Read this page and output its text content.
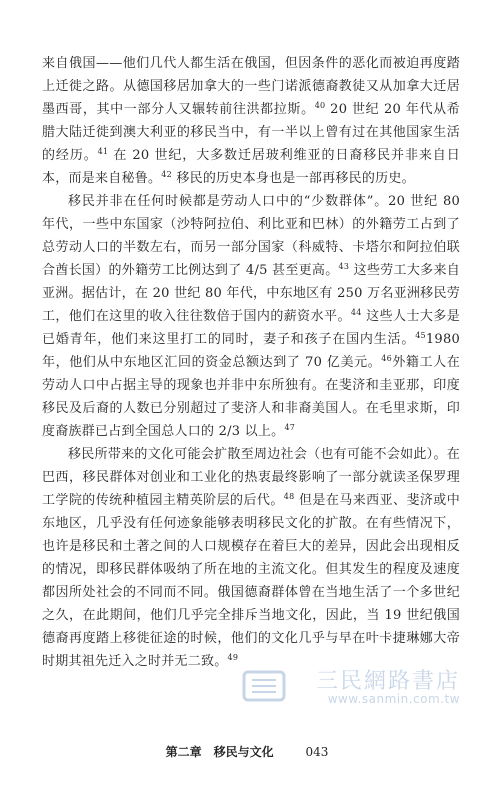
来自俄国——他们几代人都生活在俄国，但因条件的恶化而被迫再度踏上迁徙之路。从德国移居加拿大的一些门诺派德裔教徒又从加拿大迁居墨西哥，其中一部分人又辗转前往洪都拉斯。$^{40}$ 20 世纪 20 年代从希腊大陆迁徙到澳大利亚的移民当中，有一半以上曾有过在其他国家生活的经历。$^{41}$ 在 20 世纪，大多数迁居玻利维亚的日裔移民并非来自日本，而是来自秘鲁。$^{42}$ 移民的历史本身也是一部再移民的历史。

移民并非在任何时候都是劳动人口中的“少数群体”。20 世纪 80 年代，一些中东国家（沙特阿拉伯、利比亚和巴林）的外籍劳工占到了总劳动人口的半数左右，而另一部分国家（科威特、卡塔尔和阿拉伯联合酋长国）的外籍劳工比例达到了 4/5 甚至更高。$^{43}$ 这些劳工大多来自亚洲。据估计，在 20 世纪 80 年代，中东地区有 250 万名亚洲移民劳工，他们在这里的收入往往数倍于国内的薪资水平。$^{44}$ 这些人士大多是已婚青年，他们来这里打工的同时，妻子和孩子在国内生活。$^{45}$1980 年，他们从中东地区汇回的资金总额达到了 70 亿美元。$^{46}$外籍工人在劳动人口中占据主导的现象也并非中东所独有。在斐济和圭亚那，印度移民及后裔的人数已分别超过了斐济人和非裔美国人。在毛里求斯，印度裔族群已占到全国总人口的 2/3 以上。$^{47}$

移民所带来的文化可能会扩散至周边社会（也有可能不会如此）。在巴西，移民群体对创业和工业化的热衷最终影响了一部分就读圣保罗理工学院的传统种植园主精英阶层的后代。$^{48}$ 但是在马来西亚、斐济或中东地区，几乎没有任何迹象能够表明移民文化的扩散。在有些情况下，也许是移民和土著之间的人口规模存在着巨大的差异，因此会出现相反的情况，即移民群体吸纳了所在地的主流文化。但其发生的程度及速度都因所处社会的不同而不同。俄国德裔群体曾在当地生活了一个多世纪之久，在此期间，他们几乎完全排斥当地文化，因此，当 19 世纪俄国德裔再度踏上移徙征途的时候，他们的文化几乎与早在叶卡捷琳娜大帝时期其祖先迁入之时并无二致。$^{49}$

三民網路書店
www.sanmin.com.tw
第二章　移民与文化	043
